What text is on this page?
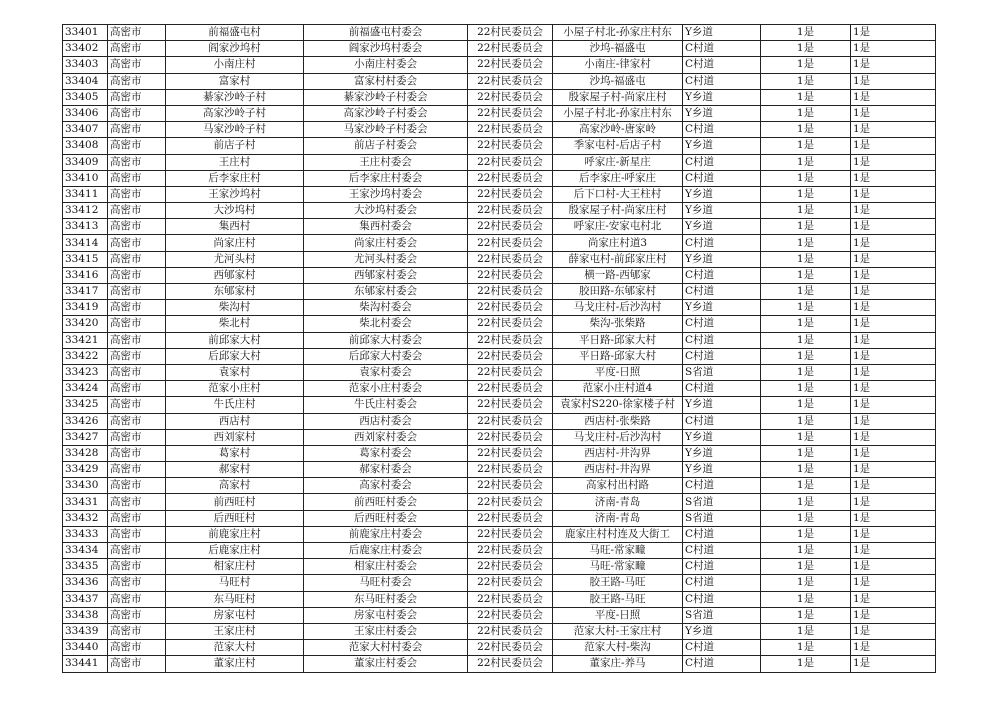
33401	高密市	前福盛屯村	前福盛屯村委会	22村民委员会	小屋子村北-孙家庄村东	Y乡道	1是	1是
33402	高密市	阎家沙坞村	阎家沙坞村委会	22村民委员会	沙坞-福盛屯	C村道	1是	1是
33403	高密市	小南庄村	小南庄村委会	22村民委员会	小南庄-律家村	C村道	1是	1是
33404	高密市	富家村	富家村村委会	22村民委员会	沙坞-福盛屯	C村道	1是	1是
33405	高密市	綦家沙岭子村	綦家沙岭子村委会	22村民委员会	殷家屋子村-尚家庄村	Y乡道	1是	1是
33406	高密市	高家沙岭子村	高家沙岭子村委会	22村民委员会	小屋子村北-孙家庄村东	Y乡道	1是	1是
33407	高密市	马家沙岭子村	马家沙岭子村委会	22村民委员会	高家沙岭-唐家岭	C村道	1是	1是
33408	高密市	前店子村	前店子村委会	22村民委员会	季家屯村-后店子村	Y乡道	1是	1是
33409	高密市	王庄村	王庄村委会	22村民委员会	呼家庄-新星庄	C村道	1是	1是
33410	高密市	后李家庄村	后李家庄村委会	22村民委员会	后李家庄-呼家庄	C村道	1是	1是
33411	高密市	王家沙坞村	王家沙坞村委会	22村民委员会	后下口村-大王柱村	Y乡道	1是	1是
33412	高密市	大沙坞村	大沙坞村委会	22村民委员会	殷家屋子村-尚家庄村	Y乡道	1是	1是
33413	高密市	集西村	集西村委会	22村民委员会	呼家庄-安家屯村北	Y乡道	1是	1是
33414	高密市	尚家庄村	尚家庄村委会	22村民委员会	尚家庄村道3	C村道	1是	1是
33415	高密市	尤河头村	尤河头村委会	22村民委员会	薛家屯村-前邱家庄村	Y乡道	1是	1是
33416	高密市	西郇家村	西郇家村委会	22村民委员会	横一路-西郇家	C村道	1是	1是
33417	高密市	东郇家村	东郇家村委会	22村民委员会	胶田路-东郇家村	C村道	1是	1是
33419	高密市	柴沟村	柴沟村委会	22村民委员会	马戈庄村-后沙沟村	Y乡道	1是	1是
33420	高密市	柴北村	柴北村委会	22村民委员会	柴沟-张柴路	C村道	1是	1是
33421	高密市	前邱家大村	前邱家大村委会	22村民委员会	平日路-邱家大村	C村道	1是	1是
33422	高密市	后邱家大村	后邱家大村委会	22村民委员会	平日路-邱家大村	C村道	1是	1是
33423	高密市	袁家村	袁家村委会	22村民委员会	平度-日照	S省道	1是	1是
33424	高密市	范家小庄村	范家小庄村委会	22村民委员会	范家小庄村道4	C村道	1是	1是
33425	高密市	牛氏庄村	牛氏庄村委会	22村民委员会	袁家村S220-徐家楼子村	Y乡道	1是	1是
33426	高密市	西店村	西店村委会	22村民委员会	西店村-张柴路	C村道	1是	1是
33427	高密市	西刘家村	西刘家村委会	22村民委员会	马戈庄村-后沙沟村	Y乡道	1是	1是
33428	高密市	葛家村	葛家村委会	22村民委员会	西店村-井沟界	Y乡道	1是	1是
33429	高密市	郝家村	郝家村委会	22村民委员会	西店村-井沟界	Y乡道	1是	1是
33430	高密市	高家村	高家村委会	22村民委员会	高家村出村路	C村道	1是	1是
33431	高密市	前西旺村	前西旺村委会	22村民委员会	济南-青岛	S省道	1是	1是
33432	高密市	后西旺村	后西旺村委会	22村民委员会	济南-青岛	S省道	1是	1是
33433	高密市	前鹿家庄村	前鹿家庄村委会	22村民委员会	鹿家庄村村连及大街工	C村道	1是	1是
33434	高密市	后鹿家庄村	后鹿家庄村委会	22村民委员会	马旺-常家疃	C村道	1是	1是
33435	高密市	相家庄村	相家庄村委会	22村民委员会	马旺-常家疃	C村道	1是	1是
33436	高密市	马旺村	马旺村委会	22村民委员会	胶王路-马旺	C村道	1是	1是
33437	高密市	东马旺村	东马旺村委会	22村民委员会	胶王路-马旺	C村道	1是	1是
33438	高密市	房家屯村	房家屯村委会	22村民委员会	平度-日照	S省道	1是	1是
33439	高密市	王家庄村	王家庄村委会	22村民委员会	范家大村-王家庄村	Y乡道	1是	1是
33440	高密市	范家大村	范家大村村委会	22村民委员会	范家大村-柴沟	C村道	1是	1是
33441	高密市	董家庄村	董家庄村委会	22村民委员会	董家庄-养马	C村道	1是	1是
